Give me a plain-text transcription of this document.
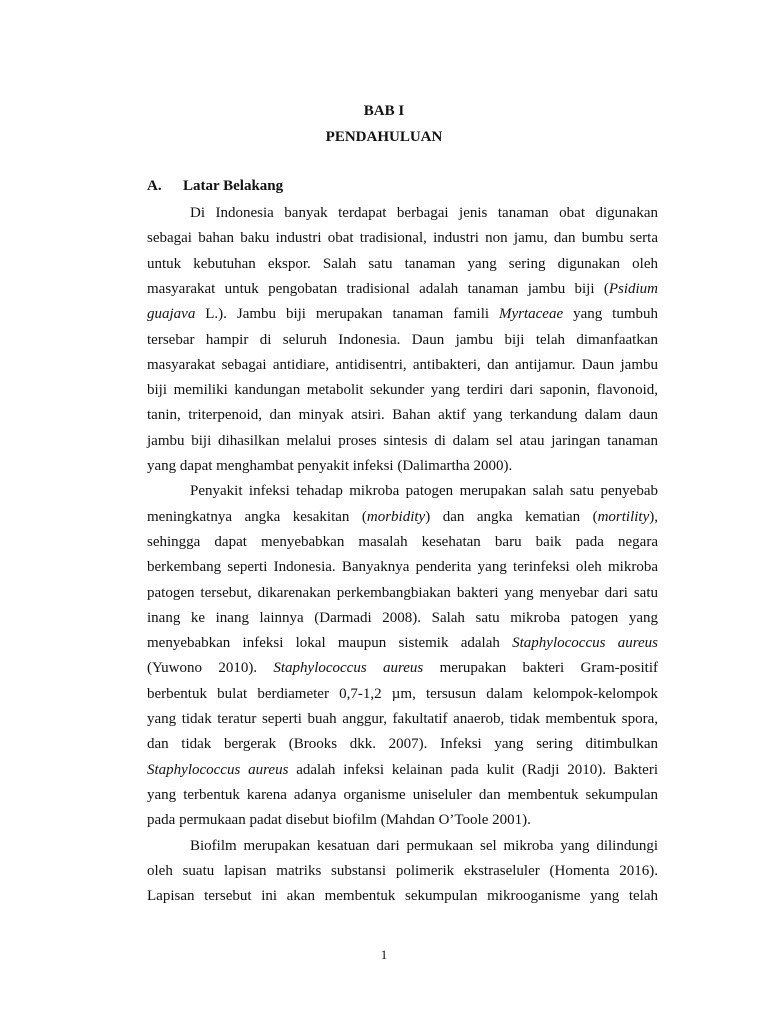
BAB I
PENDAHULUAN
A. Latar Belakang
Di Indonesia banyak terdapat berbagai jenis tanaman obat digunakan
sebagai bahan baku industri obat tradisional, industri non jamu, dan bumbu serta
untuk kebutuhan ekspor. Salah satu tanaman yang sering digunakan oleh
masyarakat untuk pengobatan tradisional adalah tanaman jambu biji (Psidium
guajava L.). Jambu biji merupakan tanaman famili Myrtaceae yang tumbuh
tersebar hampir di seluruh Indonesia. Daun jambu biji telah dimanfaatkan
masyarakat sebagai antidiare, antidisentri, antibakteri, dan antijamur. Daun jambu
biji memiliki kandungan metabolit sekunder yang terdiri dari saponin, flavonoid,
tanin, triterpenoid, dan minyak atsiri. Bahan aktif yang terkandung dalam daun
jambu biji dihasilkan melalui proses sintesis di dalam sel atau jaringan tanaman
yang dapat menghambat penyakit infeksi (Dalimartha 2000).
Penyakit infeksi tehadap mikroba patogen merupakan salah satu penyebab
meningkatnya angka kesakitan (morbidity) dan angka kematian (mortility),
sehingga dapat menyebabkan masalah kesehatan baru baik pada negara
berkembang seperti Indonesia. Banyaknya penderita yang terinfeksi oleh mikroba
patogen tersebut, dikarenakan perkembangbiakan bakteri yang menyebar dari satu
inang ke inang lainnya (Darmadi 2008). Salah satu mikroba patogen yang
menyebabkan infeksi lokal maupun sistemik adalah Staphylococcus aureus
(Yuwono 2010). Staphylococcus aureus merupakan bakteri Gram-positif
berbentuk bulat berdiameter 0,7-1,2 µm, tersusun dalam kelompok-kelompok
yang tidak teratur seperti buah anggur, fakultatif anaerob, tidak membentuk spora,
dan tidak bergerak (Brooks dkk. 2007). Infeksi yang sering ditimbulkan
Staphylococcus aureus adalah infeksi kelainan pada kulit (Radji 2010). Bakteri
yang terbentuk karena adanya organisme uniseluler dan membentuk sekumpulan
pada permukaan padat disebut biofilm (Mahdan O’Toole 2001).
Biofilm merupakan kesatuan dari permukaan sel mikroba yang dilindungi
oleh suatu lapisan matriks substansi polimerik ekstraseluler (Homenta 2016).
Lapisan tersebut ini akan membentuk sekumpulan mikrooganisme yang telah
1
